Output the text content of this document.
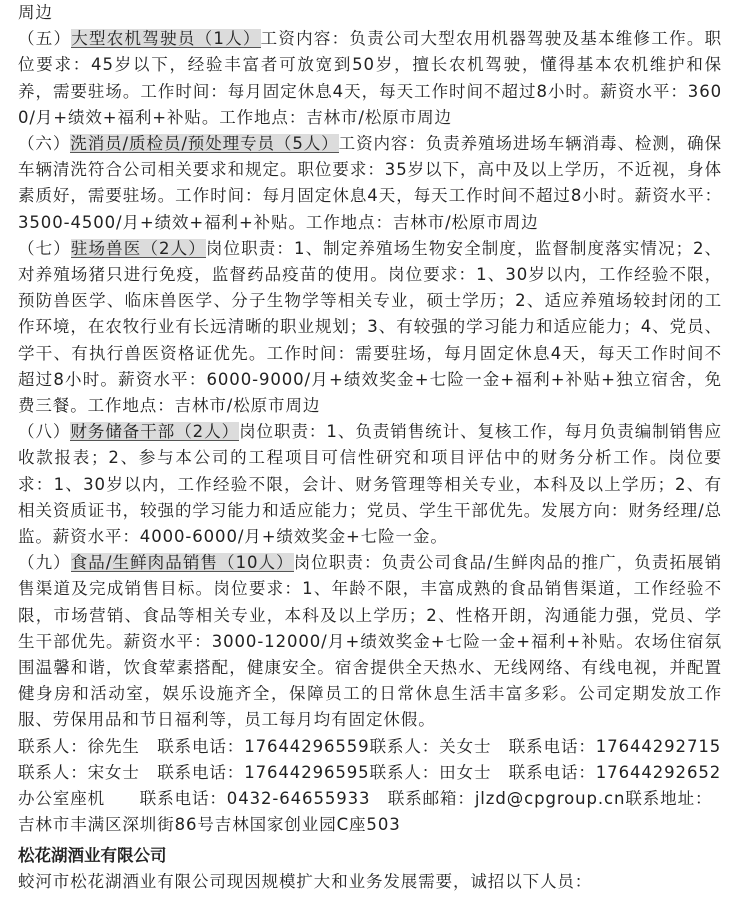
周边

（五）大型农机驾驶员（1人）工资内容：负责公司大型农用机器驾驶及基本维修工作。职位要求：45岁以下，经验丰富者可放宽到50岁，擅长农机驾驶，懂得基本农机维护和保养，需要驻场。工作时间：每月固定休息4天，每天工作时间不超过8小时。薪资水平：3600/月+绩效+福利+补贴。工作地点：吉林市/松原市周边

（六）洗消员/质检员/预处理专员（5人）工资内容：负责养殖场进场车辆消毒、检测，确保车辆清洗符合公司相关要求和规定。职位要求：35岁以下，高中及以上学历，不近视，身体素质好，需要驻场。工作时间：每月固定休息4天，每天工作时间不超过8小时。薪资水平：3500-4500/月+绩效+福利+补贴。工作地点：吉林市/松原市周边

（七）驻场兽医（2人）岗位职责：1、制定养殖场生物安全制度，监督制度落实情况；2、对养殖场猪只进行免疫，监督药品疫苗的使用。岗位要求：1、30岁以内，工作经验不限，预防兽医学、临床兽医学、分子生物学等相关专业，硕士学历；2、适应养殖场较封闭的工作环境，在农牧行业有长远清晰的职业规划；3、有较强的学习能力和适应能力；4、党员、学干、有执行兽医资格证优先。工作时间：需要驻场，每月固定休息4天，每天工作时间不超过8小时。薪资水平：6000-9000/月+绩效奖金+七险一金+福利+补贴+独立宿舍，免费三餐。工作地点：吉林市/松原市周边

（八）财务储备干部（2人）岗位职责：1、负责销售统计、复核工作，每月负责编制销售应收款报表；2、参与本公司的工程项目可信性研究和项目评估中的财务分析工作。岗位要求：1、30岁以内，工作经验不限，会计、财务管理等相关专业，本科及以上学历；2、有相关资质证书，较强的学习能力和适应能力；党员、学生干部优先。发展方向：财务经理/总监。薪资水平：4000-6000/月+绩效奖金+七险一金。

（九）食品/生鲜肉品销售（10人）岗位职责：负责公司食品/生鲜肉品的推广，负责拓展销售渠道及完成销售目标。岗位要求：1、年龄不限，丰富成熟的食品销售渠道，工作经验不限，市场营销、食品等相关专业，本科及以上学历；2、性格开朗，沟通能力强，党员、学生干部优先。薪资水平：3000-12000/月+绩效奖金+七险一金+福利+补贴。农场住宿氛围温馨和谐，饮食荤素搭配，健康安全。宿舍提供全天热水、无线网络、有线电视，并配置健身房和活动室，娱乐设施齐全，保障员工的日常休息生活丰富多彩。公司定期发放工作服、劳保用品和节日福利等，员工每月均有固定休假。

联系人：徐先生　联系电话：17644296559联系人：关女士　联系电话：17644292715联系人：宋女士　联系电话：17644296595联系人：田女士　联系电话：17644292652办公室座机　　联系电话：0432-64655933　联系邮箱：jlzd@cpgroup.cn联系地址：吉林市丰满区深圳街86号吉林国家创业园C座503

松花湖酒业有限公司

蛟河市松花湖酒业有限公司现因规模扩大和业务发展需要，诚招以下人员：
